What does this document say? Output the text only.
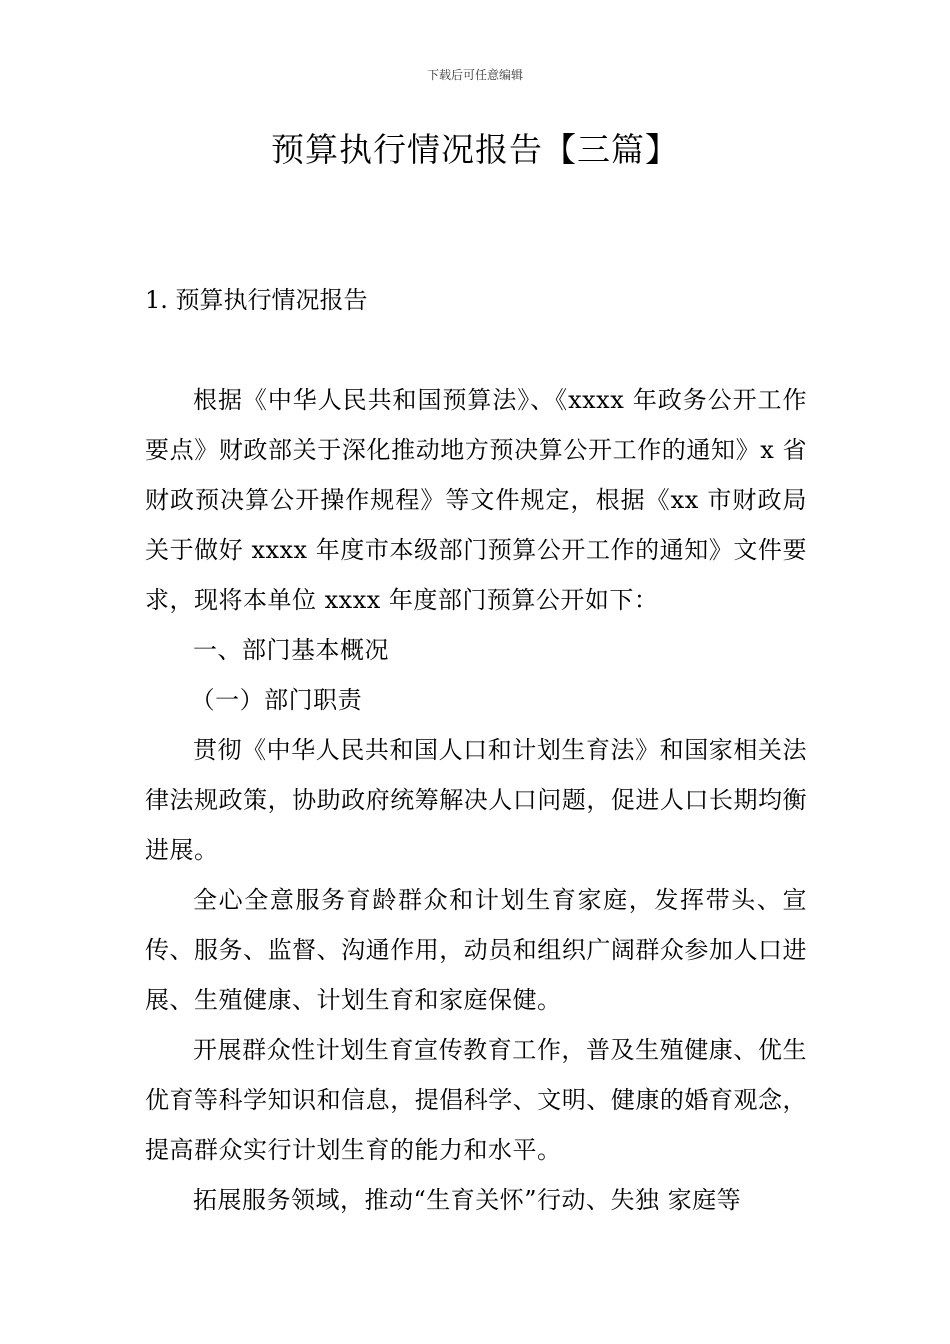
下载后可任意编辑
预算执行情况报告【三篇】
1. 预算执行情况报告

根据《中华人民共和国预算法》、《xxxx 年政务公开工作要点》财政部关于深化推动地方预决算公开工作的通知》x 省财政预决算公开操作规程》等文件规定，根据《xx 市财政局关于做好 xxxx 年度市本级部门预算公开工作的通知》文件要求，现将本单位 xxxx 年度部门预算公开如下：

一、部门基本概况

（一）部门职责

贯彻《中华人民共和国人口和计划生育法》和国家相关法律法规政策，协助政府统筹解决人口问题，促进人口长期均衡进展。

全心全意服务育龄群众和计划生育家庭，发挥带头、宣传、服务、监督、沟通作用，动员和组织广阔群众参加人口进展、生殖健康、计划生育和家庭保健。

开展群众性计划生育宣传教育工作，普及生殖健康、优生优育等科学知识和信息，提倡科学、文明、健康的婚育观念，提高群众实行计划生育的能力和水平。

拓展服务领域，推动“生育关怀”行动、失独 家庭等
